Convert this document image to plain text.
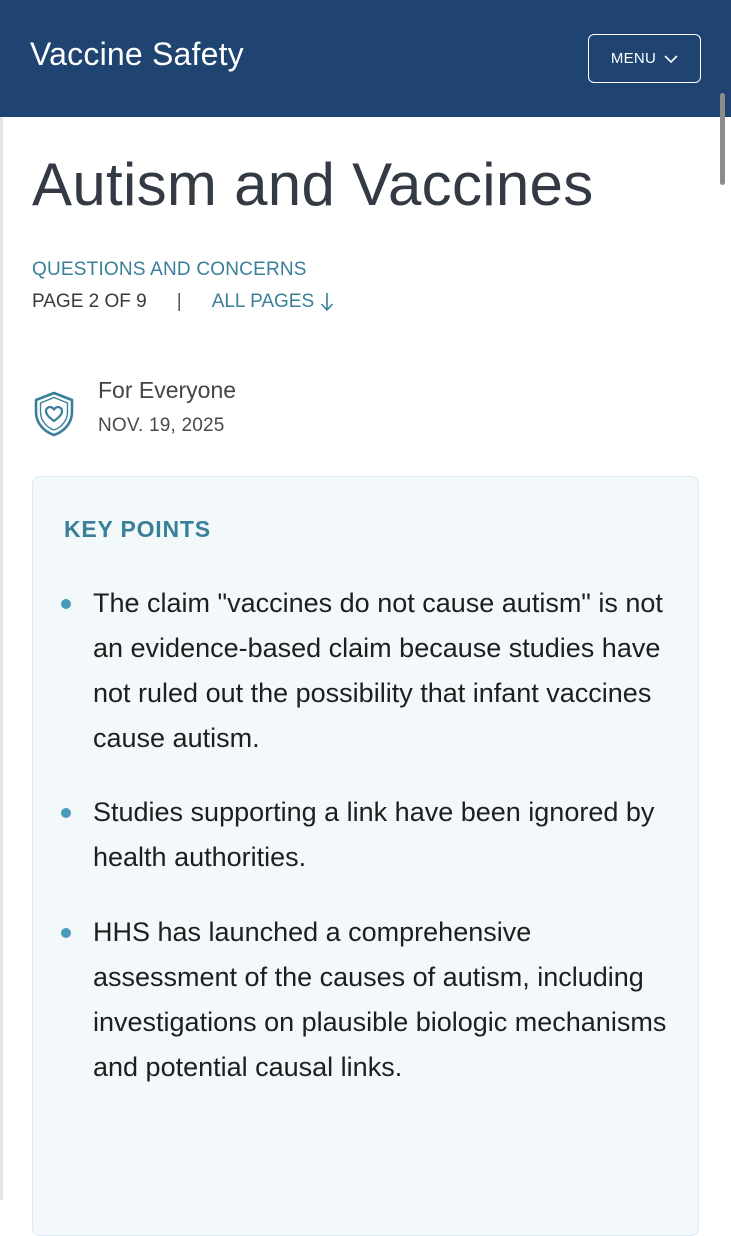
Vaccine Safety	MENU
Autism and Vaccines
QUESTIONS AND CONCERNS
PAGE 2 OF 9 | ALL PAGES
For Everyone
NOV. 19, 2025
KEY POINTS
The claim "vaccines do not cause autism" is not an evidence-based claim because studies have not ruled out the possibility that infant vaccines cause autism.
Studies supporting a link have been ignored by health authorities.
HHS has launched a comprehensive assessment of the causes of autism, including investigations on plausible biologic mechanisms and potential causal links.
